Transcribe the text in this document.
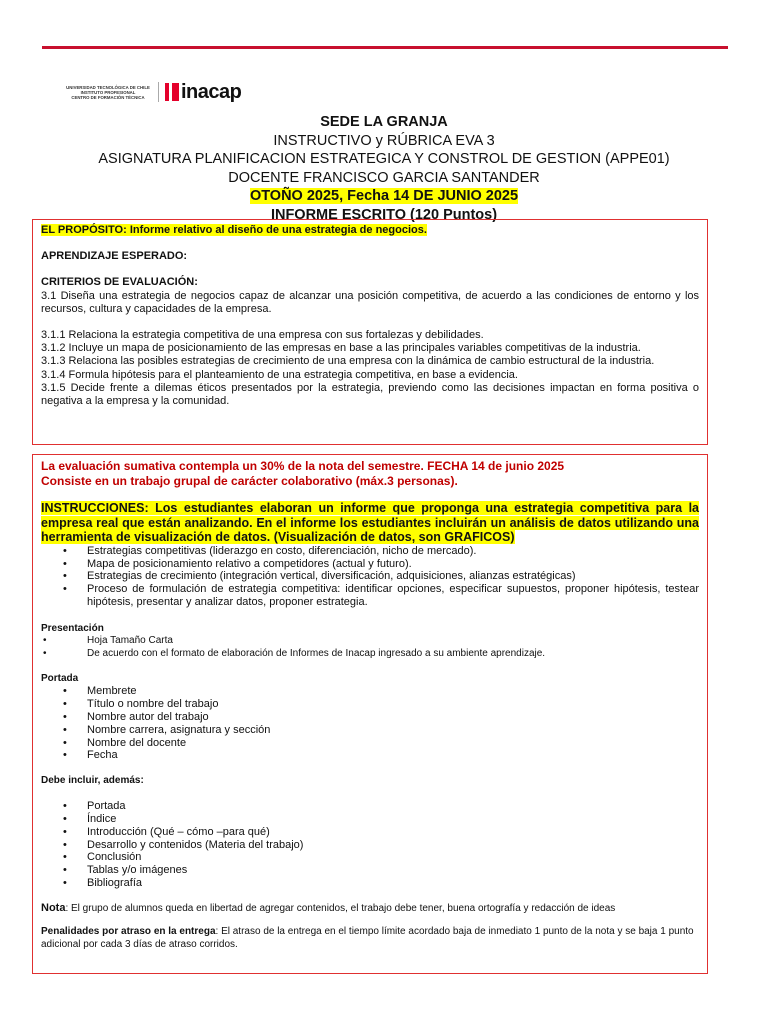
UNIVERSIDAD TECNOLÓGICA DE CHILE
INSTITUTO PROFESIONAL
CENTRO DE FORMACIÓN TÉCNICA	inacap
SEDE LA GRANJA
INSTRUCTIVO y RÚBRICA EVA 3
ASIGNATURA PLANIFICACION ESTRATEGICA Y CONSTROL DE GESTION (APPE01)
DOCENTE FRANCISCO GARCIA SANTANDER
OTOÑO 2025, Fecha 14 DE JUNIO 2025
INFORME ESCRITO (120 Puntos)
EL PROPÓSITO: Informe relativo al diseño de una estrategia de negocios.
APRENDIZAJE ESPERADO:
CRITERIOS DE EVALUACIÓN:

3.1 Diseña una estrategia de negocios capaz de alcanzar una posición competitiva, de acuerdo a las condiciones de entorno y los recursos, cultura y capacidades de la empresa.

3.1.1 Relaciona la estrategia competitiva de una empresa con sus fortalezas y debilidades.

3.1.2 Incluye un mapa de posicionamiento de las empresas en base a las principales variables competitivas de la industria.

3.1.3 Relaciona las posibles estrategias de crecimiento de una empresa con la dinámica de cambio estructural de la industria.

3.1.4 Formula hipótesis para el planteamiento de una estrategia competitiva, en base a evidencia.

3.1.5 Decide frente a dilemas éticos presentados por la estrategia, previendo como las decisiones impactan en forma positiva o negativa a la empresa y la comunidad.

La evaluación sumativa contempla un 30% de la nota del semestre. FECHA 14 de junio 2025
Consiste en un trabajo grupal de carácter colaborativo (máx.3 personas).
INSTRUCCIONES: Los estudiantes elaboran un informe que proponga una estrategia competitiva para la empresa real que están analizando. En el informe los estudiantes incluirán un análisis de datos utilizando una herramienta de visualización de datos. (Visualización de datos, son GRAFICOS)
• Estrategias competitivas (liderazgo en costo, diferenciación, nicho de mercado).
• Mapa de posicionamiento relativo a competidores (actual y futuro).
• Estrategias de crecimiento (integración vertical, diversificación, adquisiciones, alianzas estratégicas)
• Proceso de formulación de estrategia competitiva: identificar opciones, especificar supuestos, proponer hipótesis, testear hipótesis, presentar y analizar datos, proponer estrategia.
Presentación
• Hoja Tamaño Carta
• De acuerdo con el formato de elaboración de Informes de Inacap ingresado a su ambiente aprendizaje.
Portada
• Membrete
• Título o nombre del trabajo
• Nombre autor del trabajo
• Nombre carrera, asignatura y sección
• Nombre del docente
• Fecha
Debe incluir, además:
• Portada
• Índice
• Introducción (Qué – cómo –para qué)
• Desarrollo y contenidos (Materia del trabajo)
• Conclusión
• Tablas y/o imágenes
• Bibliografía
Nota: El grupo de alumnos queda en libertad de agregar contenidos, el trabajo debe tener, buena ortografía y redacción de ideas
Penalidades por atraso en la entrega: El atraso de la entrega en el tiempo límite acordado baja de inmediato 1 punto de la nota y se baja 1 punto adicional por cada 3 días de atraso corridos.
